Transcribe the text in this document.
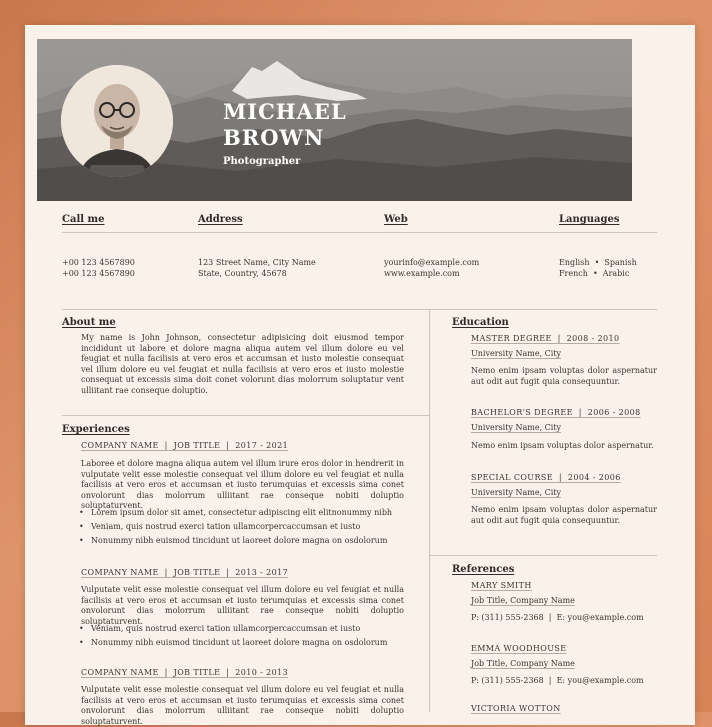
MICHAEL
BROWN
Photographer
Call me
+00 123 4567890
+00 123 4567890
Address
123 Street Name, City Name
State, Country, 45678
Web
yourinfo@example.com
www.example.com
Languages
English  •  Spanish
French  •  Arabic
About me
My name is John Johnson, consectetur adipisicing doit eiusmod tempor incididunt ut labore et dolore magna aliqua autem vel illum dolore eu vel feugiat et nulla facilisis at vero eros et accumsan et iusto molestie consequat vel illum dolore eu vel feugiat et nulla facilisis at vero eros et iusto molestie consequat ut excessis sima doit conet volorunt dias molorrum soluptatur vent ulliitant rae conseque doluptio.
Experiences
COMPANY NAME  |  JOB TITLE  |  2017 - 2021
Laboree et dolore magna aliqua autem vel illum irure eros dolor in hendrerit in vulputate velit esse molestie consequat vel illum dolore eu vel feugiat et nulla facilisis at vero eros et accumsan et iusto terumquias et excessis sima conet onvolorunt dias molorrum ulliitant rae conseque nobiti doluptio soluptaturvent.
• Lorem ipsum dolor sit amet, consectetur adipiscing elit elitnonummy nibh
• Veniam, quis nostrud exerci tation ullamcorpercaccumsan et iusto
• Nonummy nibh euismod tincidunt ut laoreet dolore magna on osdolorum
COMPANY NAME  |  JOB TITLE  |  2013 - 2017
Vulputate velit esse molestie consequat vel illum dolore eu vel feugiat et nulla facilisis at vero eros et accumsan et iusto terumquias et excessis sima conet onvolorunt dias molorrum ulliitant rae conseque nobiti doluptio soluptaturvent.
• Veniam, quis nostrud exerci tation ullamcorpercaccumsan et iusto
• Nonummy nibh euismod tincidunt ut laoreet dolore magna on osdolorum
COMPANY NAME  |  JOB TITLE  |  2010 - 2013
Vulputate velit esse molestie consequat vel illum dolore eu vel feugiat et nulla facilisis at vero eros et accumsan et iusto terumquias et excessis sima conet onvolorunt dias molorrum ulliitant rae conseque nobiti doluptio soluptaturvent.
Education
MASTER DEGREE  |  2008 - 2010
University Name, City
Nemo enim ipsam voluptas dolor aspernatur aut odit aut fugit quia consequuntur.
BACHELOR'S DEGREE  |  2006 - 2008
University Name, City
Nemo enim ipsam voluptas dolor aspernatur.
SPECIAL COURSE  |  2004 - 2006
University Name, City
Nemo enim ipsam voluptas dolor aspernatur aut odit aut fugit quia consequuntur.
References
MARY SMITH
Job Title, Company Name
P: (311) 555-2368  |  E: you@example.com
EMMA WOODHOUSE
Job Title, Company Name
P: (311) 555-2368  |  E: you@example.com
VICTORIA WOTTON
